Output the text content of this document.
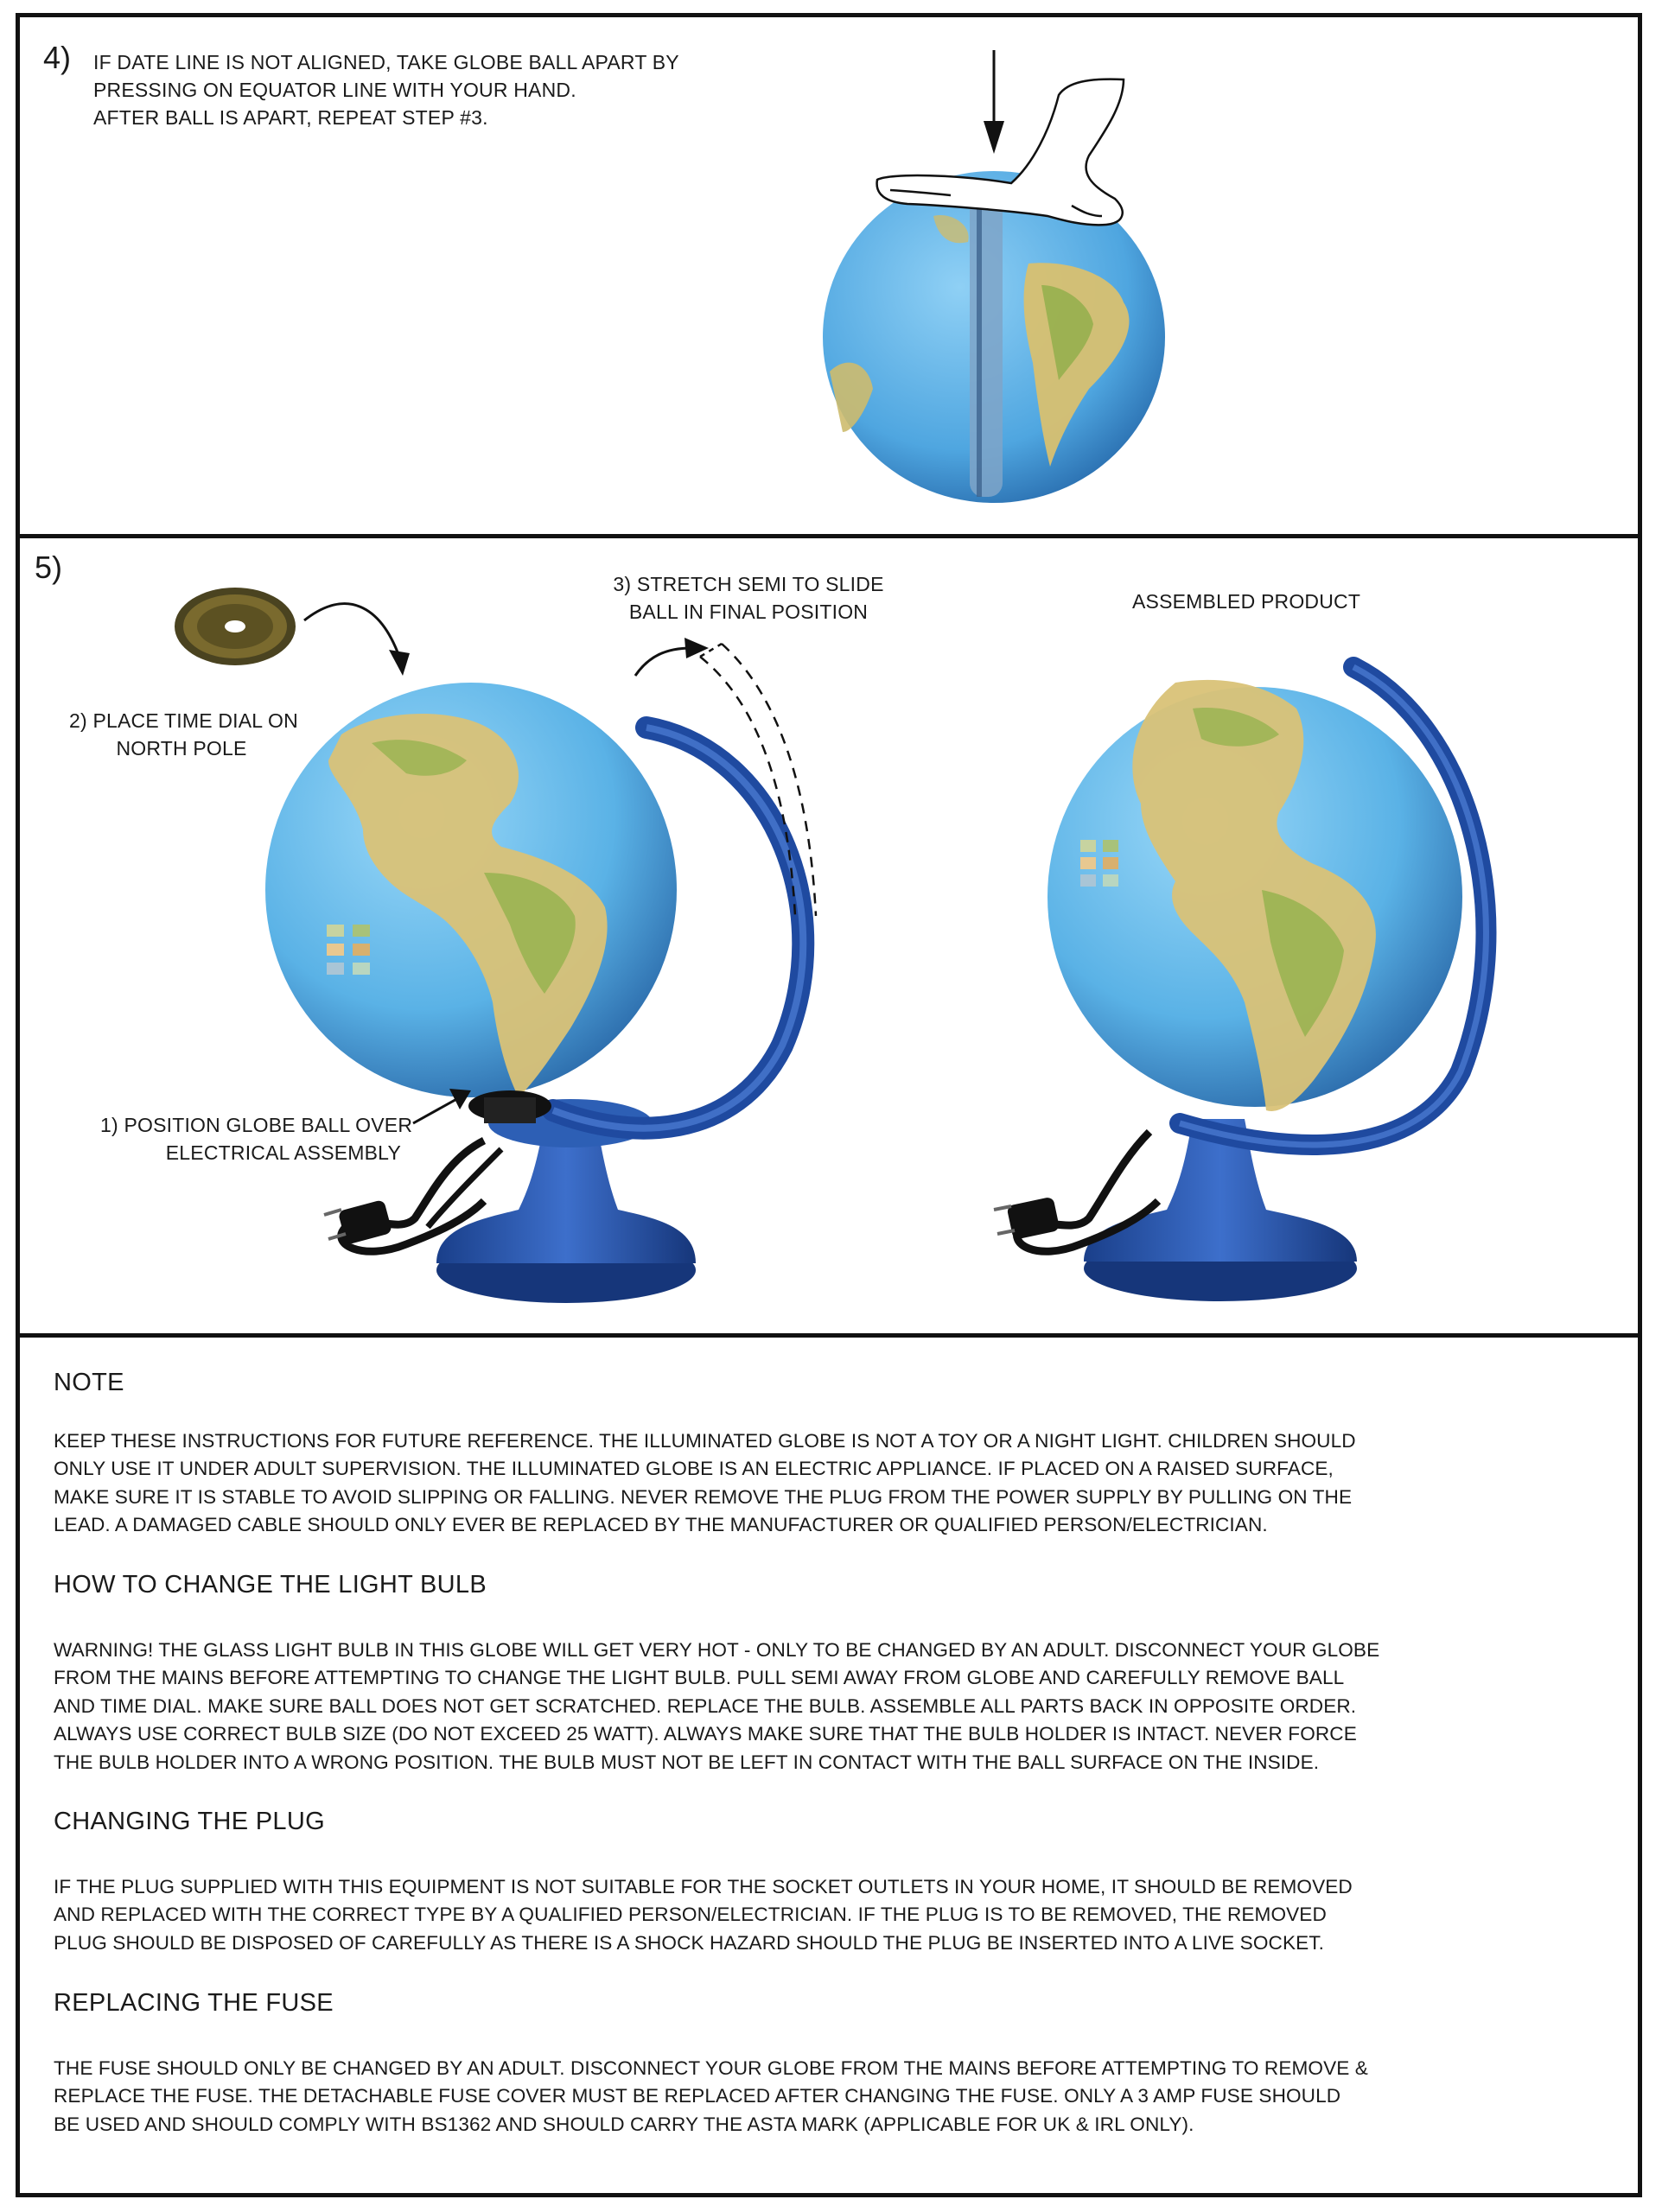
4) IF DATE LINE IS NOT ALIGNED, TAKE GLOBE BALL APART BY
PRESSING ON EQUATOR LINE WITH YOUR HAND.
AFTER BALL IS APART, REPEAT STEP #3.
5)
2) PLACE TIME DIAL ON
NORTH POLE
3) STRETCH SEMI TO SLIDE
BALL IN FINAL POSITION	ASSEMBLED PRODUCT
1) POSITION GLOBE BALL OVER
ELECTRICAL ASSEMBLY
NOTE
KEEP THESE INSTRUCTIONS FOR FUTURE REFERENCE. THE ILLUMINATED GLOBE IS NOT A TOY OR A NIGHT LIGHT. CHILDREN SHOULD
ONLY USE IT UNDER ADULT SUPERVISION. THE ILLUMINATED GLOBE IS AN ELECTRIC APPLIANCE. IF PLACED ON A RAISED SURFACE,
MAKE SURE IT IS STABLE TO AVOID SLIPPING OR FALLING. NEVER REMOVE THE PLUG FROM THE POWER SUPPLY BY PULLING ON THE
LEAD. A DAMAGED CABLE SHOULD ONLY EVER BE REPLACED BY THE MANUFACTURER OR QUALIFIED PERSON/ELECTRICIAN.
HOW TO CHANGE THE LIGHT BULB
WARNING! THE GLASS LIGHT BULB IN THIS GLOBE WILL GET VERY HOT - ONLY TO BE CHANGED BY AN ADULT. DISCONNECT YOUR GLOBE
FROM THE MAINS BEFORE ATTEMPTING TO CHANGE THE LIGHT BULB. PULL SEMI AWAY FROM GLOBE AND CAREFULLY REMOVE BALL
AND TIME DIAL. MAKE SURE BALL DOES NOT GET SCRATCHED. REPLACE THE BULB. ASSEMBLE ALL PARTS BACK IN OPPOSITE ORDER.
ALWAYS USE CORRECT BULB SIZE (DO NOT EXCEED 25 WATT). ALWAYS MAKE SURE THAT THE BULB HOLDER IS INTACT. NEVER FORCE
THE BULB HOLDER INTO A WRONG POSITION. THE BULB MUST NOT BE LEFT IN CONTACT WITH THE BALL SURFACE ON THE INSIDE.
CHANGING THE PLUG
IF THE PLUG SUPPLIED WITH THIS EQUIPMENT IS NOT SUITABLE FOR THE SOCKET OUTLETS IN YOUR HOME, IT SHOULD BE REMOVED
AND REPLACED WITH THE CORRECT TYPE BY A QUALIFIED PERSON/ELECTRICIAN. IF THE PLUG IS TO BE REMOVED, THE REMOVED
PLUG SHOULD BE DISPOSED OF CAREFULLY AS THERE IS A SHOCK HAZARD SHOULD THE PLUG BE INSERTED INTO A LIVE SOCKET.
REPLACING THE FUSE
THE FUSE SHOULD ONLY BE CHANGED BY AN ADULT. DISCONNECT YOUR GLOBE FROM THE MAINS BEFORE ATTEMPTING TO REMOVE &
REPLACE THE FUSE. THE DETACHABLE FUSE COVER MUST BE REPLACED AFTER CHANGING THE FUSE. ONLY A 3 AMP FUSE SHOULD
BE USED AND SHOULD COMPLY WITH BS1362 AND SHOULD CARRY THE ASTA MARK (APPLICABLE FOR UK & IRL ONLY).
